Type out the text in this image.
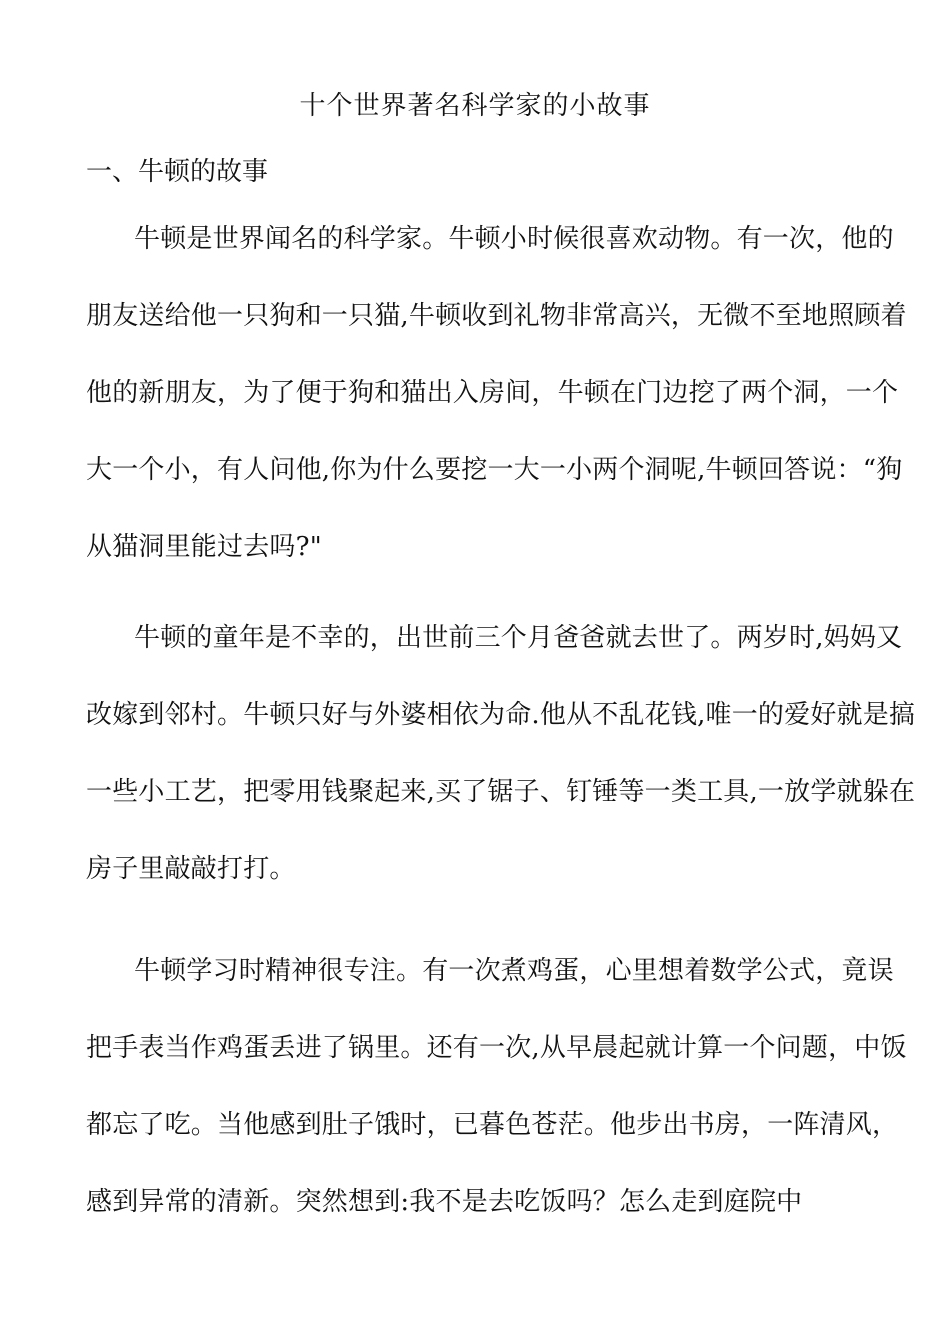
十个世界著名科学家的小故事
一、牛顿的故事
牛顿是世界闻名的科学家。牛顿小时候很喜欢动物。有一次，他的
朋友送给他一只狗和一只猫,牛顿收到礼物非常高兴，无微不至地照顾着
他的新朋友，为了便于狗和猫出入房间，牛顿在门边挖了两个洞，一个
大一个小，有人问他,你为什么要挖一大一小两个洞呢,牛顿回答说：“狗
从猫洞里能过去吗?"
牛顿的童年是不幸的，出世前三个月爸爸就去世了。两岁时,妈妈又
改嫁到邻村。牛顿只好与外婆相依为命.他从不乱花钱,唯一的爱好就是搞
一些小工艺，把零用钱聚起来,买了锯子、钉锤等一类工具,一放学就躲在
房子里敲敲打打。
牛顿学习时精神很专注。有一次煮鸡蛋，心里想着数学公式，竟误
把手表当作鸡蛋丢进了锅里。还有一次,从早晨起就计算一个问题，中饭
都忘了吃。当他感到肚子饿时，已暮色苍茫。他步出书房，一阵清风，
感到异常的清新。突然想到:我不是去吃饭吗？怎么走到庭院中
